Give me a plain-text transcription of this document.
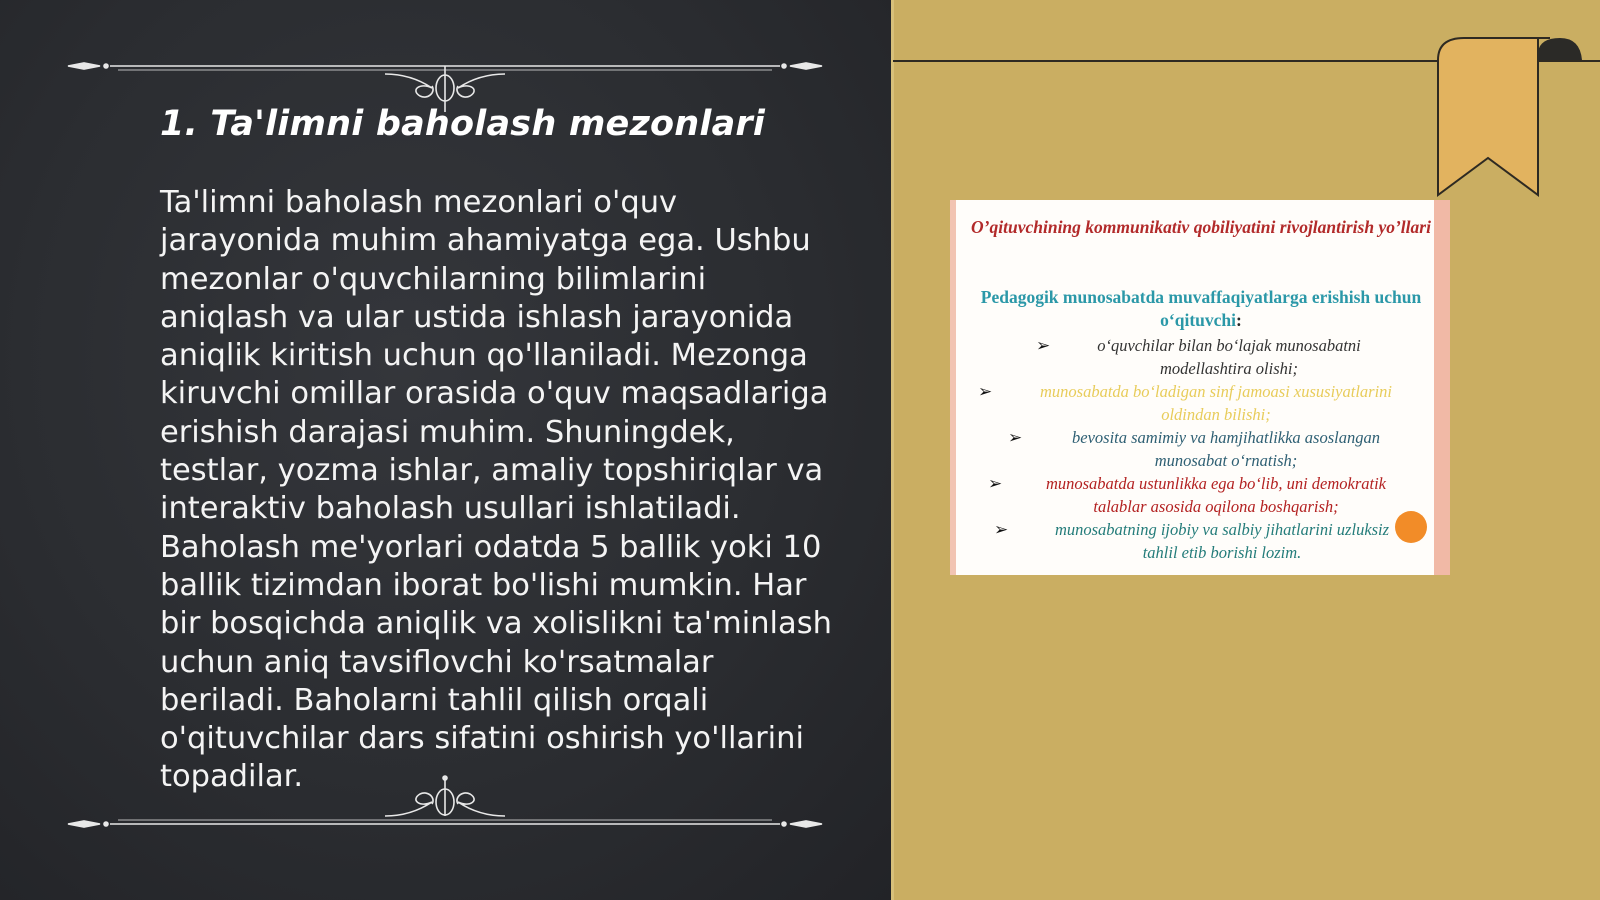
1. Ta'limni baholash mezonlari

Ta'limni baholash mezonlari o'quv jarayonida muhim ahamiyatga ega. Ushbu mezonlar o'quvchilarning bilimlarini aniqlash va ular ustida ishlash jarayonida aniqlik kiritish uchun qo'llaniladi. Mezonga kiruvchi omillar orasida o'quv maqsadlariga erishish darajasi muhim. Shuningdek, testlar, yozma ishlar, amaliy topshiriqlar va interaktiv baholash usullari ishlatiladi. Baholash me'yorlari odatda 5 ballik yoki 10 ballik tizimdan iborat bo'lishi mumkin. Har bir bosqichda aniqlik va xolislikni ta'minlash uchun aniq tavsiflovchi ko'rsatmalar beriladi. Baholarni tahlil qilish orqali o'qituvchilar dars sifatini oshirish yo'llarini topadilar.

O’qituvchining kommunikativ qobiliyatini rivojlantirish yo’llari
Pedagogik munosabatda muvaffaqiyatlarga erishish uchun o‘qituvchi:
➢	o‘quvchilar bilan bo‘lajak munosabatni
modellashtira olishi;
➢	munosabatda bo‘ladigan sinf jamoasi xususiyatlarini
oldindan bilishi;
➢	bevosita samimiy va hamjihatlikka asoslangan
munosabat o‘rnatish;
➢	munosabatda ustunlikka ega bo‘lib, uni demokratik
talablar asosida oqilona boshqarish;
➢	munosabatning ijobiy va salbiy jihatlarini uzluksiz
tahlil etib borishi lozim.
